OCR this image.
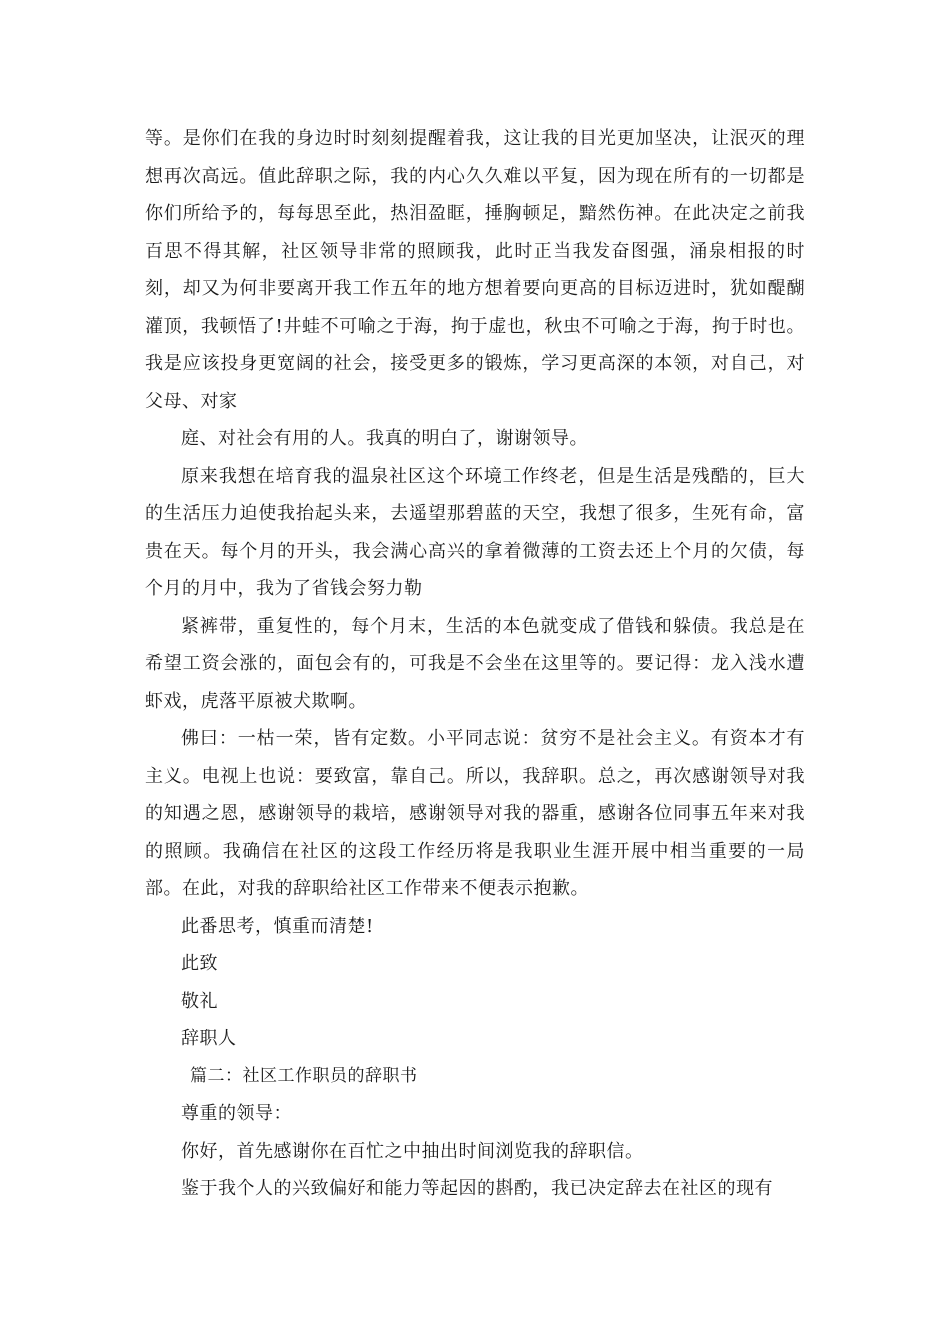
等。是你们在我的身边时时刻刻提醒着我，这让我的目光更加坚决，让泯灭的理想再次高远。值此辞职之际，我的内心久久难以平复，因为现在所有的一切都是你们所给予的，每每思至此，热泪盈眶，捶胸顿足，黯然伤神。在此决定之前我百思不得其解，社区领导非常的照顾我，此时正当我发奋图强，涌泉相报的时刻，却又为何非要离开我工作五年的地方想着要向更高的目标迈进时，犹如醍醐灌顶，我顿悟了!井蛙不可喻之于海，拘于虚也，秋虫不可喻之于海，拘于时也。我是应该投身更宽阔的社会，接受更多的锻炼，学习更高深的本领，对自己，对父母、对家

庭、对社会有用的人。我真的明白了，谢谢领导。

原来我想在培育我的温泉社区这个环境工作终老，但是生活是残酷的，巨大的生活压力迫使我抬起头来，去遥望那碧蓝的天空，我想了很多，生死有命，富贵在天。每个月的开头，我会满心高兴的拿着微薄的工资去还上个月的欠债，每个月的月中，我为了省钱会努力勒

紧裤带，重复性的，每个月末，生活的本色就变成了借钱和躲债。我总是在希望工资会涨的，面包会有的，可我是不会坐在这里等的。要记得：龙入浅水遭虾戏，虎落平原被犬欺啊。

佛曰：一枯一荣，皆有定数。小平同志说：贫穷不是社会主义。有资本才有主义。电视上也说：要致富，靠自己。所以，我辞职。总之，再次感谢领导对我的知遇之恩，感谢领导的栽培，感谢领导对我的器重，感谢各位同事五年来对我的照顾。我确信在社区的这段工作经历将是我职业生涯开展中相当重要的一局部。在此，对我的辞职给社区工作带来不便表示抱歉。

此番思考，慎重而清楚!

此致

敬礼

辞职人

篇二：社区工作职员的辞职书

尊重的领导：

你好，首先感谢你在百忙之中抽出时间浏览我的辞职信。

鉴于我个人的兴致偏好和能力等起因的斟酌，我已决定辞去在社区的现有
